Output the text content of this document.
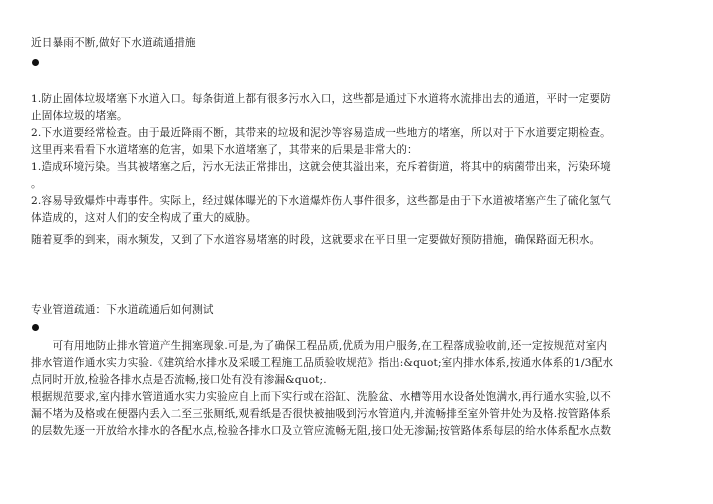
近日暴雨不断,做好下水道疏通措施
1.防止固体垃圾堵塞下水道入口。每条街道上都有很多污水入口，这些都是通过下水道将水流排出去的通道，平时一定要防
止固体垃圾的堵塞。
2.下水道要经常检查。由于最近降雨不断，其带来的垃圾和泥沙等容易造成一些地方的堵塞，所以对于下水道要定期检查。
这里再来看看下水道堵塞的危害，如果下水道堵塞了，其带来的后果是非常大的：
1.造成环境污染。当其被堵塞之后，污水无法正常排出，这就会使其溢出来，充斥着街道，将其中的病菌带出来，污染环境
。
2.容易导致爆炸中毒事件。实际上，经过媒体曝光的下水道爆炸伤人事件很多，这些都是由于下水道被堵塞产生了硫化氢气
体造成的，这对人们的安全构成了重大的威胁。
随着夏季的到来，雨水频发，又到了下水道容易堵塞的时段，这就要求在平日里一定要做好预防措施，确保路面无积水。
专业管道疏通：下水道疏通后如何测试
　　可有用地防止排水管道产生拥塞现象.可是,为了确保工程品质,优质为用户服务,在工程落成验收前,还一定按规范对室内
排水管道作通水实力实验.《建筑给水排水及采暖工程施工品质验收规范》指出:&quot;室内排水体系,按通水体系的1/3配水
点同时开放,检验各排水点是否流畅,接口处有没有渗漏&quot;.
根据规范要求,室内排水管道通水实力实验应自上而下实行或在浴缸、洗脸盆、水槽等用水设备处饱满水,再行通水实验,以不
漏不堵为及格或在便器内丢入二至三张厕纸,观看纸是否很快被抽吸到污水管道内,并流畅排至室外管井处为及格.按管路体系
的层数先逐一开放给水排水的各配水点,检验各排水口及立管应流畅无阻,接口处无渗漏;按管路体系每层的给水体系配水点数
